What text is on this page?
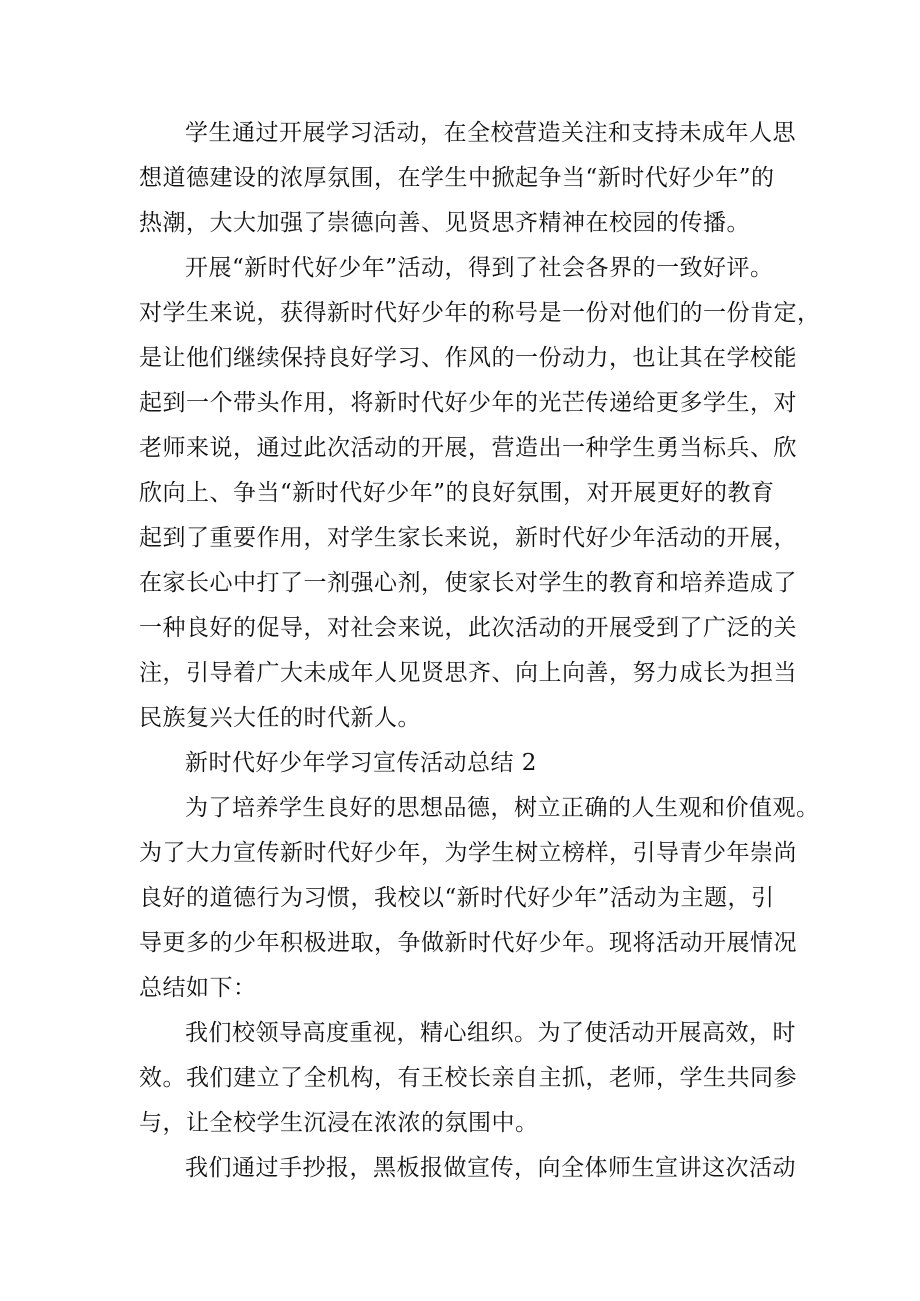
学生通过开展学习活动，在全校营造关注和支持未成年人思
想道德建设的浓厚氛围，在学生中掀起争当“新时代好少年”的
热潮，大大加强了崇德向善、见贤思齐精神在校园的传播。
开展“新时代好少年”活动，得到了社会各界的一致好评。
对学生来说，获得新时代好少年的称号是一份对他们的一份肯定，
是让他们继续保持良好学习、作风的一份动力，也让其在学校能
起到一个带头作用，将新时代好少年的光芒传递给更多学生，对
老师来说，通过此次活动的开展，营造出一种学生勇当标兵、欣
欣向上、争当“新时代好少年”的良好氛围，对开展更好的教育
起到了重要作用，对学生家长来说，新时代好少年活动的开展，
在家长心中打了一剂强心剂，使家长对学生的教育和培养造成了
一种良好的促导，对社会来说，此次活动的开展受到了广泛的关
注，引导着广大未成年人见贤思齐、向上向善，努力成长为担当
民族复兴大任的时代新人。
新时代好少年学习宣传活动总结 2
为了培养学生良好的思想品德，树立正确的人生观和价值观。
为了大力宣传新时代好少年，为学生树立榜样，引导青少年崇尚
良好的道德行为习惯，我校以“新时代好少年”活动为主题，引
导更多的少年积极进取，争做新时代好少年。现将活动开展情况
总结如下：
我们校领导高度重视，精心组织。为了使活动开展高效，时
效。我们建立了全机构，有王校长亲自主抓，老师，学生共同参
与，让全校学生沉浸在浓浓的氛围中。
我们通过手抄报，黑板报做宣传，向全体师生宣讲这次活动
